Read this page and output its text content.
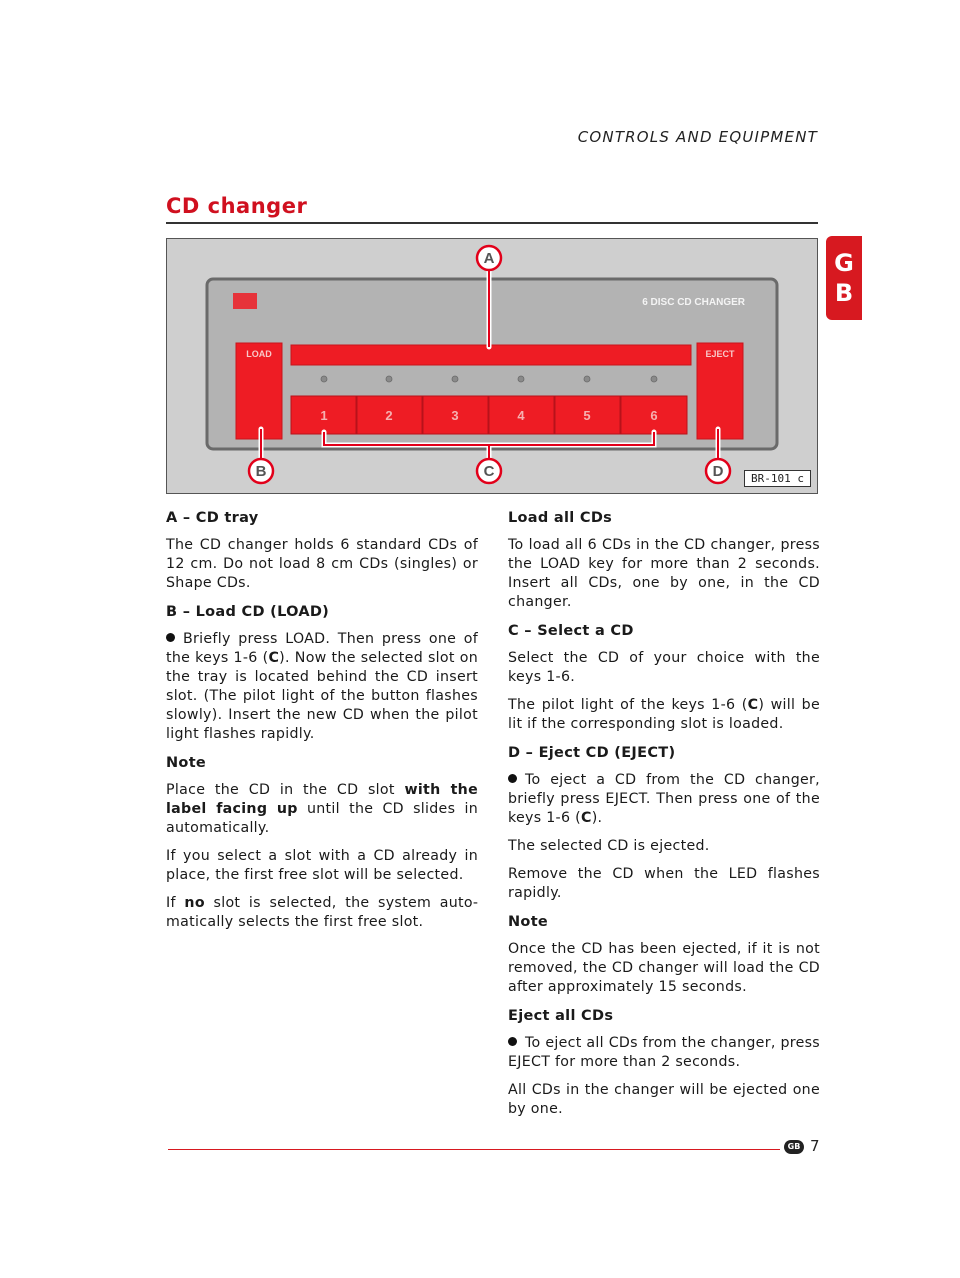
CONTROLS AND EQUIPMENT
CD changer
G
B
6 DISC CD CHANGER
LOAD
1	2	3	4	5	6
EJECT
A
B	C	D	BR-101 c
A – CD tray

The CD changer holds 6 standard CDs of 12 cm. Do not load 8 cm CDs (singles) or Shape CDs.

B – Load CD (LOAD)

Briefly press LOAD. Then press one of the keys 1-6 (C). Now the selected slot on the tray is located behind the CD insert slot. (The pilot light of the button flashes slowly). Insert the new CD when the pilot light flashes rapidly.

Note

Place the CD in the CD slot with the label facing up until the CD slides in automatically.

If you select a slot with a CD already in place, the first free slot will be selected.

If no slot is selected, the system automatically selects the first free slot.

Load all CDs

To load all 6 CDs in the CD changer, press the LOAD key for more than 2 seconds. Insert all CDs, one by one, in the CD changer.

C – Select a CD

Select the CD of your choice with the keys 1-6.

The pilot light of the keys 1-6 (C) will be lit if the corresponding slot is loaded.

D – Eject CD (EJECT)

To eject a CD from the CD changer, briefly press EJECT. Then press one of the keys 1-6 (C).

The selected CD is ejected.

Remove the CD when the LED flashes rapidly.

Note

Once the CD has been ejected, if it is not removed, the CD changer will load the CD after approximately 15 seconds.

Eject all CDs

To eject all CDs from the changer, press EJECT for more than 2 seconds.

All CDs in the changer will be ejected one by one.

GB 7
